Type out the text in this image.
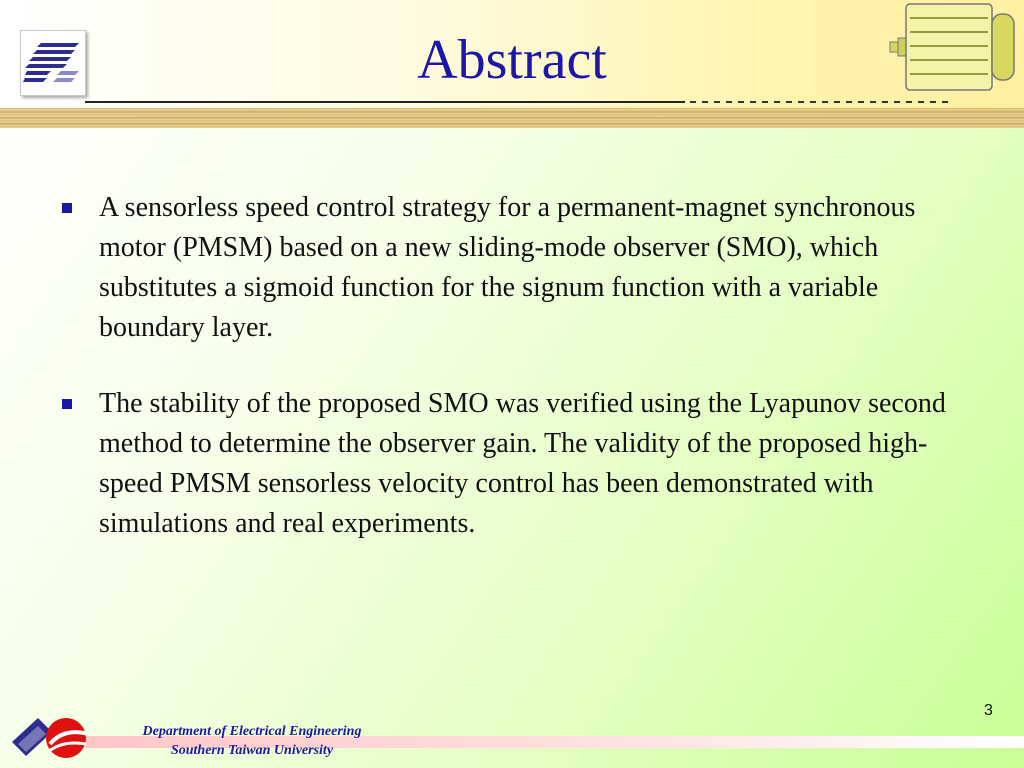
Abstract
A sensorless speed control strategy for a permanent-magnet synchronous motor (PMSM) based on a new sliding-mode observer (SMO), which substitutes a sigmoid function for the signum function with a variable boundary layer.
The stability of the proposed SMO was verified using the Lyapunov second method to determine the observer gain. The validity of the proposed high-speed PMSM sensorless velocity control has been demonstrated with simulations and real experiments.
3
Department of Electrical Engineering
Southern Taiwan University
